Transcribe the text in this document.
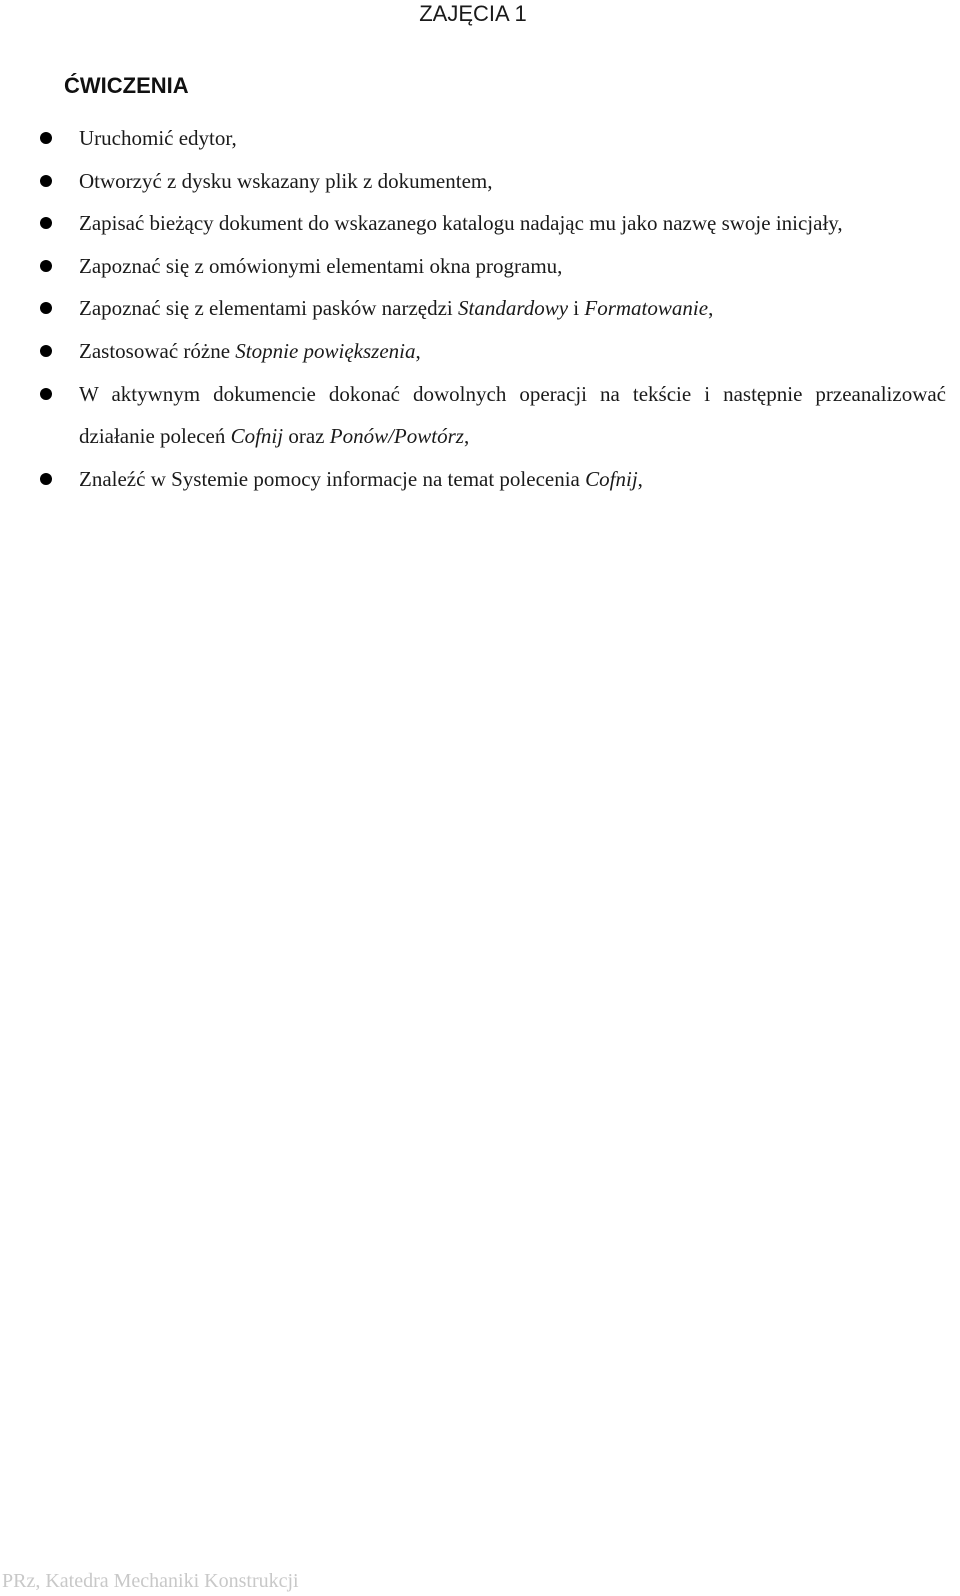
ZAJĘCIA 1
ĆWICZENIA
Uruchomić edytor,
Otworzyć z dysku wskazany plik z dokumentem,
Zapisać bieżący dokument do wskazanego katalogu nadając mu jako nazwę swoje inicjały,
Zapoznać się z omówionymi elementami okna programu,
Zapoznać się z elementami pasków narzędzi Standardowy i Formatowanie,
Zastosować różne Stopnie powiększenia,
W aktywnym dokumencie dokonać dowolnych operacji na tekście i następnie przeanalizować działanie poleceń Cofnij oraz Ponów/Powtórz,
Znaleźć w Systemie pomocy informacje na temat polecenia Cofnij,
PRz, Katedra Mechaniki Konstrukcji
